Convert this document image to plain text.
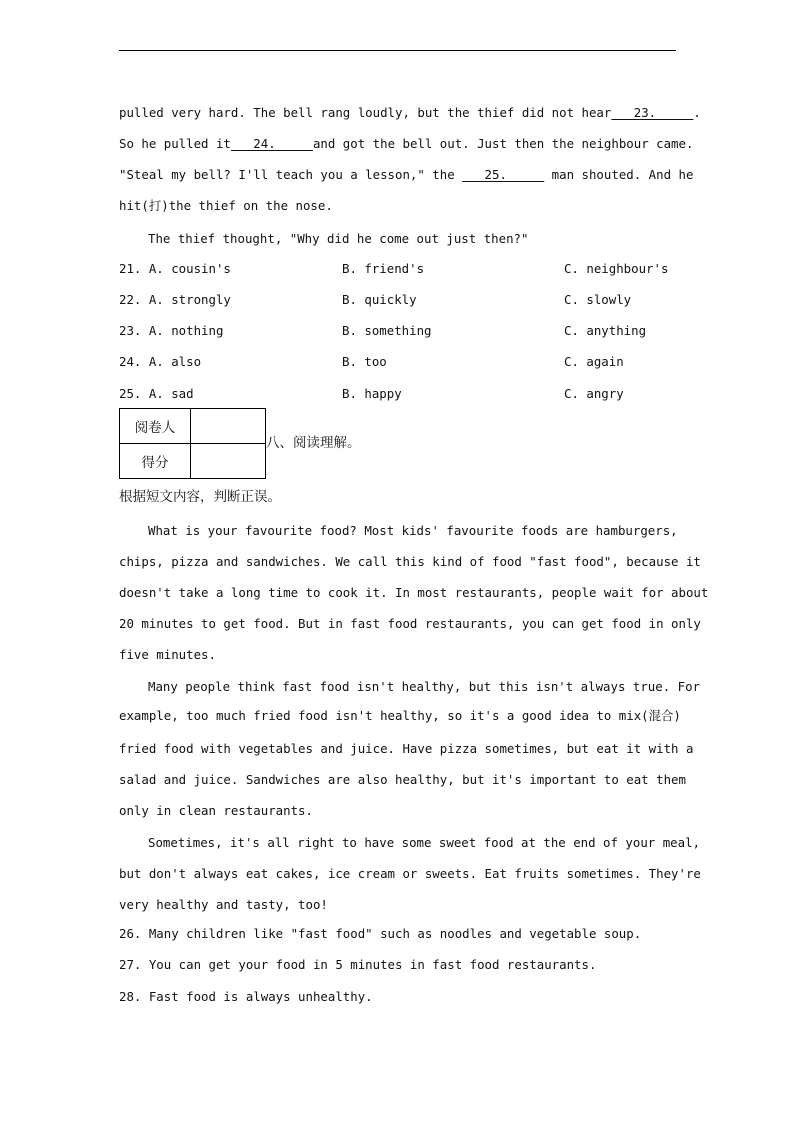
pulled very hard. The bell rang loudly, but the thief did not hear   23.     .
So he pulled it   24.     and got the bell out. Just then the neighbour came.
"Steal my bell? I'll teach you a lesson," the    25.      man shouted. And he
hit(打)the thief on the nose.
The thief thought, "Why did he come out just then?"
21. A. cousin's	B. friend's	C. neighbour's
22. A. strongly	B. quickly	C. slowly
23. A. nothing	B. something	C. anything
24. A. also	B. too	C. again
25. A. sad	B. happy	C. angry
阅卷人	
得分	
八、阅读理解。
根据短文内容，判断正误。
What is your favourite food? Most kids' favourite foods are hamburgers,
chips, pizza and sandwiches. We call this kind of food "fast food", because it
doesn't take a long time to cook it. In most restaurants, people wait for about
20 minutes to get food. But in fast food restaurants, you can get food in only
five minutes.
Many people think fast food isn't healthy, but this isn't always true. For
example, too much fried food isn't healthy, so it's a good idea to mix(混合)
fried food with vegetables and juice. Have pizza sometimes, but eat it with a
salad and juice. Sandwiches are also healthy, but it's important to eat them
only in clean restaurants.
Sometimes, it's all right to have some sweet food at the end of your meal,
but don't always eat cakes, ice cream or sweets. Eat fruits sometimes. They're
very healthy and tasty, too!
26. Many children like "fast food" such as noodles and vegetable soup.
27. You can get your food in 5 minutes in fast food restaurants.
28. Fast food is always unhealthy.
